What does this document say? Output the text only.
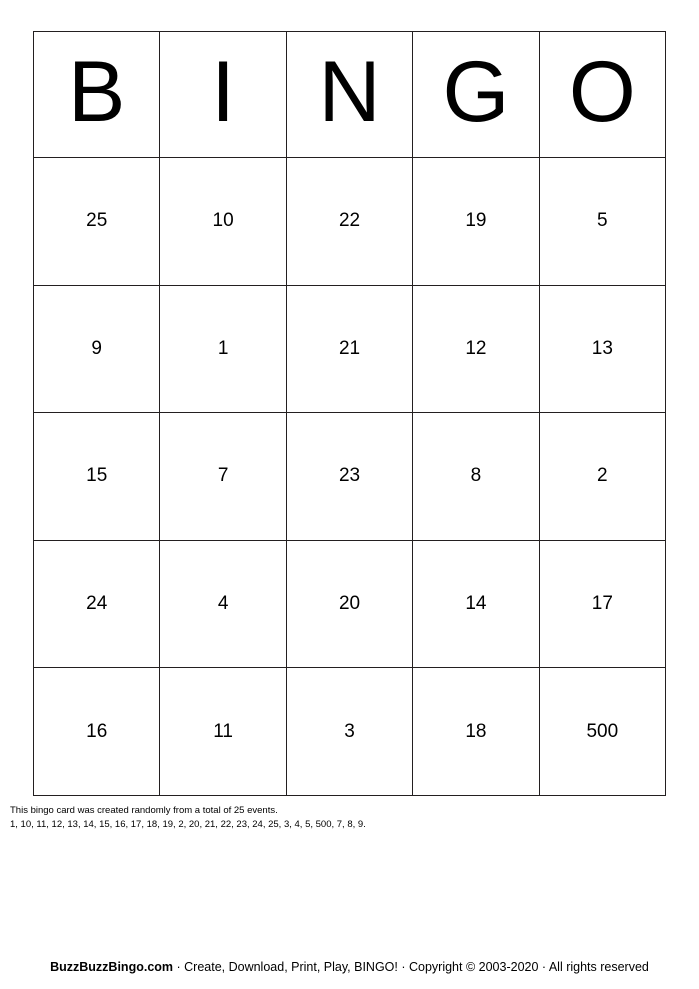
B I N G O
25	10	22	19	5
9	1	21	12	13
15	7	23	8	2
24	4	20	14	17
16	11	3	18	500
This bingo card was created randomly from a total of 25 events.
1, 10, 11, 12, 13, 14, 15, 16, 17, 18, 19, 2, 20, 21, 22, 23, 24, 25, 3, 4, 5, 500, 7, 8, 9.
BuzzBuzzBingo.com · Create, Download, Print, Play, BINGO! · Copyright © 2003-2020 · All rights reserved
